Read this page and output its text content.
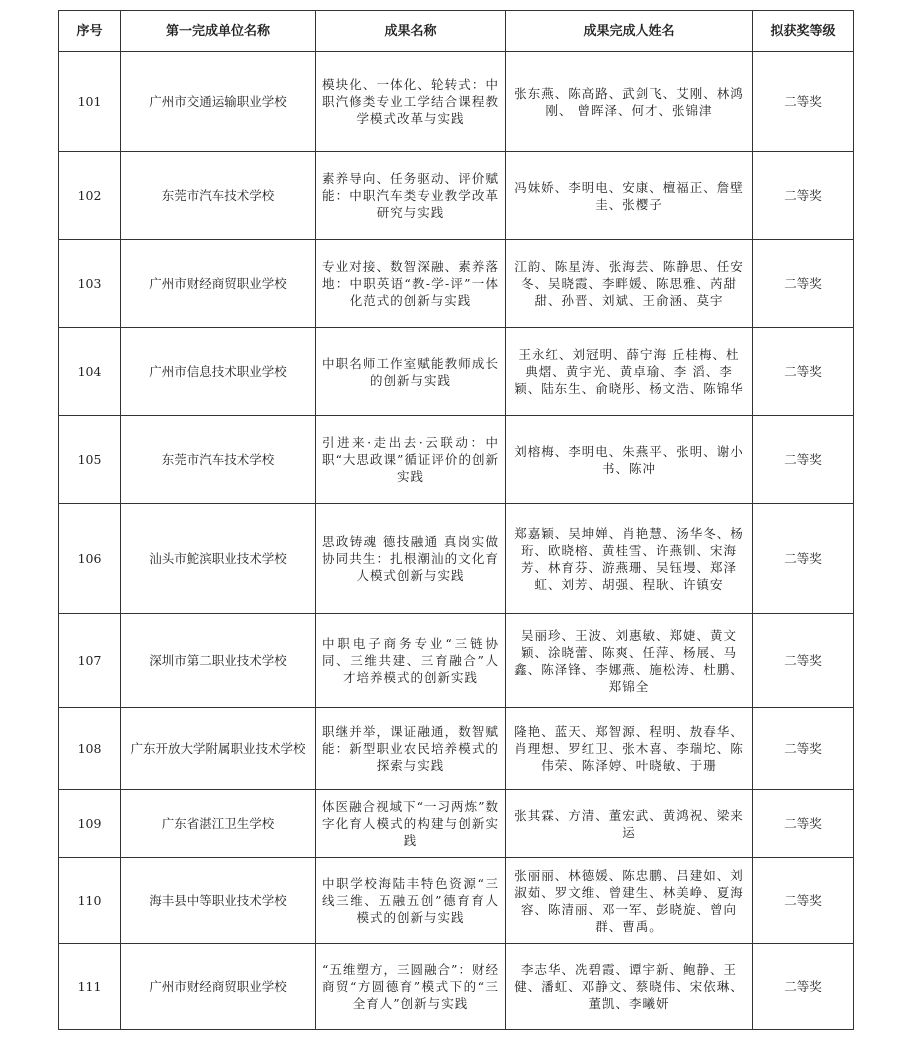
序号	第一完成单位名称	成果名称	成果完成人姓名	拟获奖等级
101	广州市交通运输职业学校	模块化、一体化、轮转式：中职汽修类专业工学结合课程教学模式改革与实践	张东燕、陈高路、武剑飞、艾刚、林鸿刚、 曾晖泽、何才、张锦津	二等奖
102	东莞市汽车技术学校	素养导向、任务驱动、评价赋能：中职汽车类专业教学改革研究与实践	冯妹娇、李明电、安康、檀福正、詹壁圭、张樱子	二等奖
103	广州市财经商贸职业学校	专业对接、数智深融、素养落地：中职英语“教-学-评”一体化范式的创新与实践	江韵、陈星涛、张海芸、陈静思、任安冬、吴晓霞、李畔媛、陈思雅、芮甜甜、孙晋、刘斌、王俞涵、莫宇	二等奖
104	广州市信息技术职业学校	中职名师工作室赋能教师成长的创新与实践	王永红、刘冠明、薛宁海 丘桂梅、杜典熠、黄宇光、黄卓瑜、李 滔、李 颖、陆东生、俞晓彤、杨文浩、陈锦华	二等奖
105	东莞市汽车技术学校	引进来·走出去·云联动：中职“大思政课”循证评价的创新实践	刘榕梅、李明电、朱燕平、张明、谢小书、陈冲	二等奖
106	汕头市鮀滨职业技术学校	思政铸魂 德技融通 真岗实做 协同共生：扎根潮汕的文化育人模式创新与实践	郑嘉颖、吴坤婵、肖艳慧、汤华冬、杨珩、欧晓榕、黄桂雪、许燕钏、宋海芳、林育芬、游燕珊、吴钰墁、郑泽虹、刘芳、胡强、程耿、许镇安	二等奖
107	深圳市第二职业技术学校	中职电子商务专业“三链协同、三维共建、三育融合”人才培养模式的创新实践	吴丽珍、王波、刘惠敏、郑婕、黄文颖、涂晓蕾、陈爽、任萍、杨展、马鑫、陈泽锋、李娜燕、施松涛、杜鹏、郑锦全	二等奖
108	广东开放大学附属职业技术学校	职继并举，课证融通，数智赋能：新型职业农民培养模式的探索与实践	隆艳、蓝天、郑智源、程明、敖春华、肖理想、罗红卫、张木喜、李瑞坨、陈伟荣、陈泽婷、叶晓敏、于珊	二等奖
109	广东省湛江卫生学校	体医融合视域下“一习两炼”数字化育人模式的构建与创新实践	张其霖、方清、董宏武、黄鸿祝、梁来运	二等奖
110	海丰县中等职业技术学校	中职学校海陆丰特色资源“三线三维、五融五创”德育育人模式的创新与实践	张丽丽、林德媛、陈忠鹏、吕建如、刘淑茹、罗文维、曾建生、林美峥、夏海容、陈清丽、邓一军、彭晓旋、曾向群、曹禹。	二等奖
111	广州市财经商贸职业学校	“五维塑方，三圆融合”：财经商贸“方圆德育”模式下的“三全育人”创新与实践	李志华、冼碧霞、谭宇新、鲍静、王健、潘虹、邓静文、蔡晓伟、宋依琳、董凯、李曦妍	二等奖
